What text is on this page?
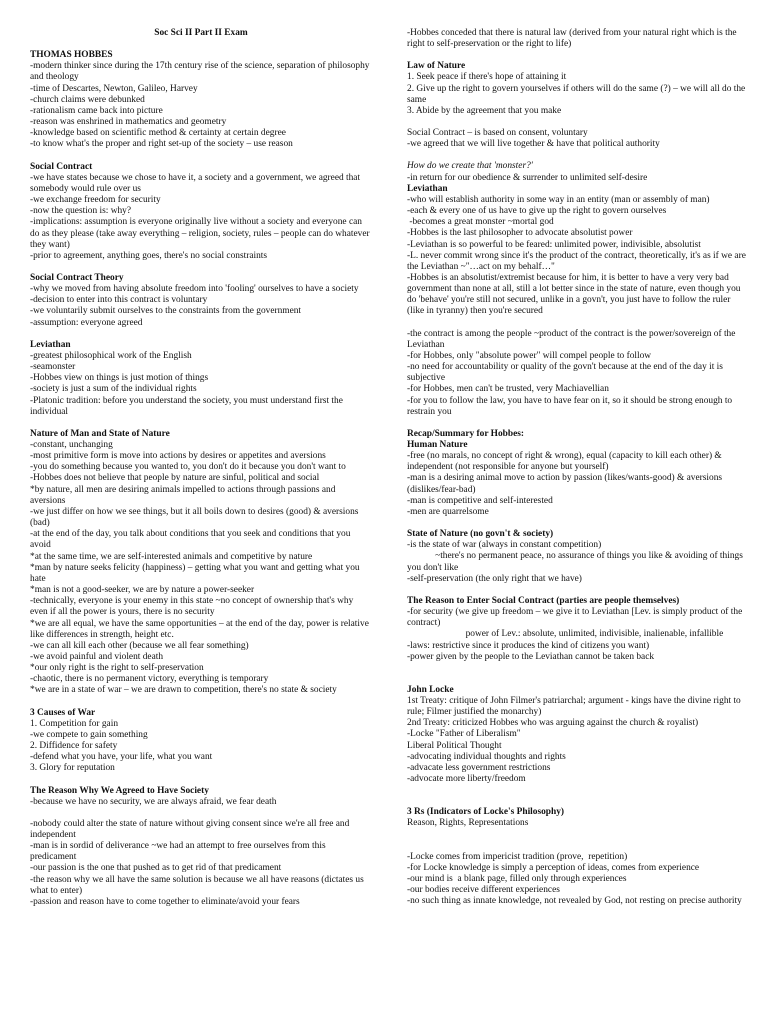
Soc Sci II Part II Exam
THOMAS HOBBES
-modern thinker since during the 17th century rise of the science, separation of philosophy and theology
-time of Descartes, Newton, Galileo, Harvey
-church claims were debunked
-rationalism came back into picture
-reason was enshrined in mathematics and geometry
-knowledge based on scientific method & certainty at certain degree
-to know what's the proper and right set-up of the society – use reason
Social Contract
-we have states because we chose to have it, a society and a government, we agreed that somebody would rule over us
-we exchange freedom for security
-now the question is: why?
-implications: assumption is everyone originally live without a society and everyone can do as they please (take away everything – religion, society, rules – people can do whatever they want)
-prior to agreement, anything goes, there's no social constraints
Social Contract Theory
-why we moved from having absolute freedom into 'fooling' ourselves to have a society
-decision to enter into this contract is voluntary
-we voluntarily submit ourselves to the constraints from the government
-assumption: everyone agreed
Leviathan
-greatest philosophical work of the English
-seamonster
-Hobbes view on things is just motion of things
-society is just a sum of the individual rights
-Platonic tradition: before you understand the society, you must understand first the individual
Nature of Man and State of Nature
-constant, unchanging
-most primitive form is move into actions by desires or appetites and aversions
-you do something because you wanted to, you don't do it because you don't want to
-Hobbes does not believe that people by nature are sinful, political and social
*by nature, all men are desiring animals impelled to actions through passions and aversions
-we just differ on how we see things, but it all boils down to desires (good) & aversions (bad)
-at the end of the day, you talk about conditions that you seek and conditions that you avoid
*at the same time, we are self-interested animals and competitive by nature
*man by nature seeks felicity (happiness) – getting what you want and getting what you hate
*man is not a good-seeker, we are by nature a power-seeker
-technically, everyone is your enemy in this state ~no concept of ownership that's why even if all the power is yours, there is no security
*we are all equal, we have the same opportunities – at the end of the day, power is relative like differences in strength, height etc.
-we can all kill each other (because we all fear something)
-we avoid painful and violent death
*our only right is the right to self-preservation
-chaotic, there is no permanent victory, everything is temporary
*we are in a state of war – we are drawn to competition, there's no state & society
3 Causes of War
1. Competition for gain
-we compete to gain something
2. Diffidence for safety
-defend what you have, your life, what you want
3. Glory for reputation
The Reason Why We Agreed to Have Society
-because we have no security, we are always afraid, we fear death
-nobody could alter the state of nature without giving consent since we're all free and independent
-man is in sordid of deliverance ~we had an attempt to free ourselves from this predicament
-our passion is the one that pushed as to get rid of that predicament
-the reason why we all have the same solution is because we all have reasons (dictates us what to enter)
-passion and reason have to come together to eliminate/avoid your fears
-Hobbes conceded that there is natural law (derived from your natural right which is the right to self-preservation or the right to life)
Law of Nature
1. Seek peace if there's hope of attaining it
2. Give up the right to govern yourselves if others will do the same (?) – we will all do the same
3. Abide by the agreement that you make
Social Contract – is based on consent, voluntary
-we agreed that we will live together & have that political authority
How do we create that 'monster?'
-in return for our obedience & surrender to unlimited self-desire
Leviathan
-who will establish authority in some way in an entity (man or assembly of man)
-each & every one of us have to give up the right to govern ourselves
-becomes a great monster ~mortal god
-Hobbes is the last philosopher to advocate absolutist power
-Leviathan is so powerful to be feared: unlimited power, indivisible, absolutist
-L. never commit wrong since it's the product of the contract, theoretically, it's as if we are the Leviathan ~"…act on my behalf…"
-Hobbes is an absolutist/extremist because for him, it is better to have a very very bad government than none at all, still a lot better since in the state of nature, even though you do 'behave' you're still not secured, unlike in a govn't, you just have to follow the ruler (like in tyranny) then you're secured
-the contract is among the people ~product of the contract is the power/sovereign of the Leviathan
-for Hobbes, only "absolute power" will compel people to follow
-no need for accountability or quality of the govn't because at the end of the day it is subjective
-for Hobbes, men can't be trusted, very Machiavellian
-for you to follow the law, you have to have fear on it, so it should be strong enough to restrain you
Recap/Summary for Hobbes:
Human Nature
-free (no marals, no concept of right & wrong), equal (capacity to kill each other) & independent (not responsible for anyone but yourself)
-man is a desiring animal move to action by passion (likes/wants-good) & aversions (dislikes/fear-bad)
-man is competitive and self-interested
-men are quarrelsome
State of Nature (no govn't & society)
-is the state of war (always in constant competition)
~there's no permanent peace, no assurance of things you like & avoiding of things you don't like
-self-preservation (the only right that we have)
The Reason to Enter Social Contract (parties are people themselves)
-for security (we give up freedom – we give it to Leviathan [Lev. is simply product of the contract)
power of Lev.: absolute, unlimited, indivisible, inalienable, infallible
-laws: restrictive since it produces the kind of citizens you want)
-power given by the people to the Leviathan cannot be taken back
John Locke
1st Treaty: critique of John Filmer's patriarchal; argument - kings have the divine right to rule; Filmer justified the monarchy)
2nd Treaty: criticized Hobbes who was arguing against the church & royalist)
-Locke "Father of Liberalism"
Liberal Political Thought
-advocating individual thoughts and rights
-advacate less government restrictions
-advocate more liberty/freedom
3 Rs (Indicators of Locke's Philosophy)
Reason, Rights, Representations
-Locke comes from impericist tradition (prove,  repetition)
-for Locke knowledge is simply a perception of ideas, comes from experience
-our mind is  a blank page, filled only through experiences
-our bodies receive different experiences
-no such thing as innate knowledge, not revealed by God, not resting on precise authority
